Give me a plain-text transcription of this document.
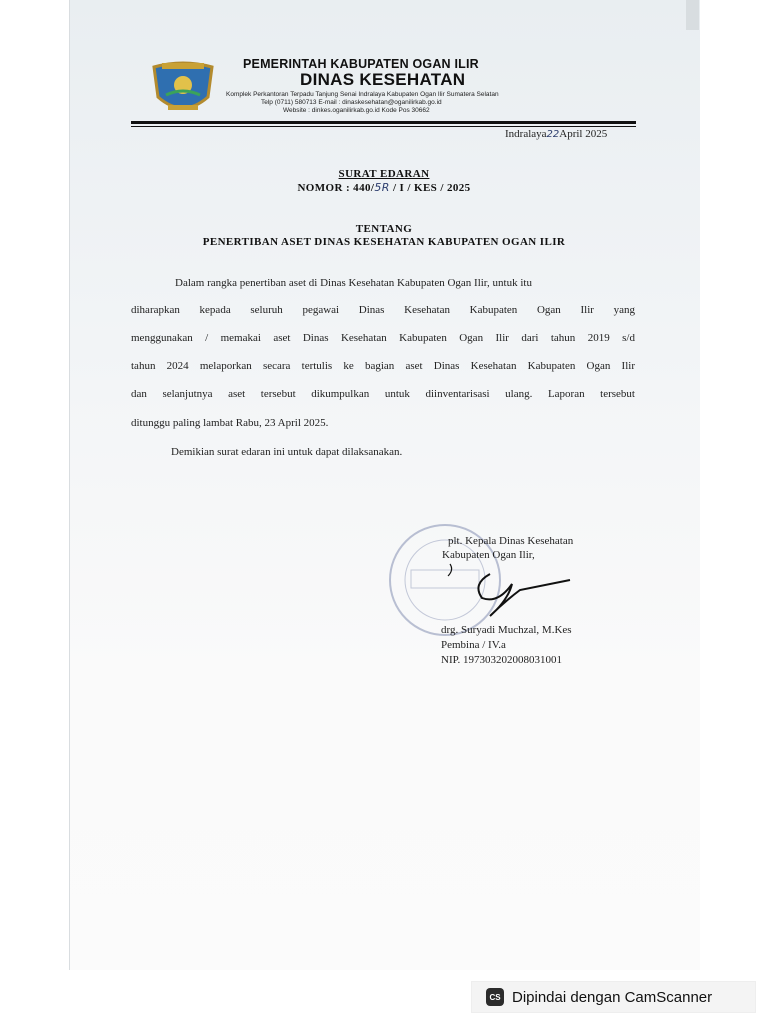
PEMERINTAH KABUPATEN OGAN ILIR
DINAS KESEHATAN
Komplek Perkantoran Terpadu Tanjung Senai Indralaya Kabupaten Ogan Ilir Sumatera Selatan
Telp (0711) 580713 E-mail : dinaskesehatan@oganilirkab.go.id
Website : dinkes.oganilirkab.go.id Kode Pos 30662
Indralaya22April 2025
SURAT EDARAN
NOMOR : 440/5R / I / KES / 2025
TENTANG
PENERTIBAN ASET DINAS KESEHATAN KABUPATEN OGAN ILIR
Dalam rangka penertiban aset di Dinas Kesehatan Kabupaten Ogan Ilir, untuk itu
diharapkan kepada seluruh pegawai Dinas Kesehatan Kabupaten Ogan Ilir yang
menggunakan / memakai aset Dinas Kesehatan Kabupaten Ogan Ilir dari tahun 2019 s/d
tahun 2024 melaporkan secara tertulis ke bagian aset Dinas Kesehatan Kabupaten Ogan Ilir
dan selanjutnya aset tersebut dikumpulkan untuk diinventarisasi ulang. Laporan tersebut
ditunggu paling lambat Rabu, 23 April 2025.
Demikian surat edaran ini untuk dapat dilaksanakan.
plt. Kepala Dinas Kesehatan
Kabupaten Ogan Ilir,
drg. Suryadi Muchzal, M.Kes
Pembina / IV.a
NIP. 197303202008031001
CS Dipindai dengan CamScanner
